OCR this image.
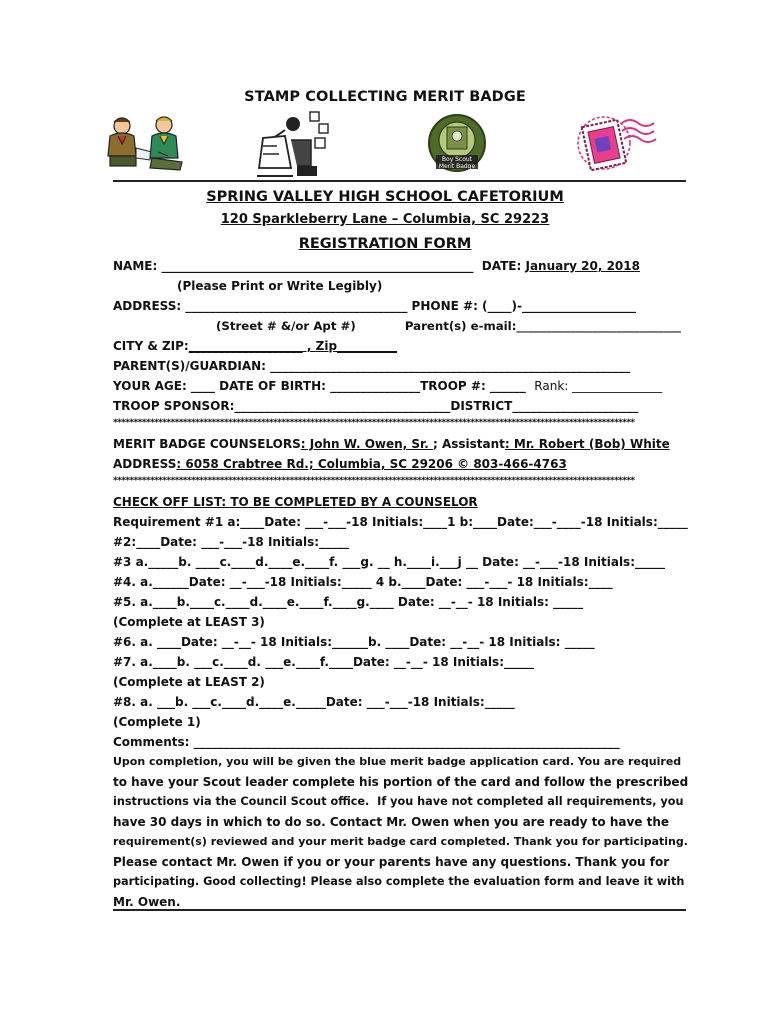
STAMP COLLECTING MERIT BADGE
Boy Scout
Merit Badge
SPRING VALLEY HIGH SCHOOL CAFETORIUM
120 Sparkleberry Lane – Columbia, SC 29223
REGISTRATION FORM
NAME: ____________________________________________________  DATE: January 20, 2018
(Please Print or Write Legibly)
ADDRESS: _____________________________________ PHONE #: (____)-___________________
(Street # &/or Apt #)	Parent(s) e-mail:____________________________
CITY & ZIP:___________________ , Zip__________
PARENT(S)/GUARDIAN: ____________________________________________________________
YOUR AGE: ____ DATE OF BIRTH: _______________TROOP #: ______  Rank: _______________
TROOP SPONSOR:____________________________________DISTRICT_____________________
*******************************************************************************************************************************
MERIT BADGE COUNSELORS: John W. Owen, Sr. ; Assistant: Mr. Robert (Bob) White
ADDRESS: 6058 Crabtree Rd.; Columbia, SC 29206 © 803-466-4763
*******************************************************************************************************************************
CHECK OFF LIST: TO BE COMPLETED BY A COUNSELOR
Requirement #1 a:____Date: ___-___-18 Initials:____1 b:____Date:___-____-18 Initials:_____
#2:____Date: ___-___-18 Initials:_____
#3 a._____b. ____c.____d.____e.____f. ___g. __ h.____i.___j __ Date: __-___-18 Initials:_____
#4. a.______Date: __-___-18 Initials:_____ 4 b.____Date: ___-___- 18 Initials:____
#5. a.____b.____c.____d.____e.____f.____g.____ Date: __-__- 18 Initials: _____
(Complete at LEAST 3)
#6. a. ____Date: __-__- 18 Initials:______b. ____Date: __-__- 18 Initials: _____
#7. a.____b. ___c.____d. ___e.____f.____Date: __-__- 18 Initials:_____
(Complete at LEAST 2)
#8. a. ___b. ___c.____d.____e._____Date: ___-___-18 Initials:_____
(Complete 1)
Comments: _______________________________________________________________________
Upon completion, you will be given the blue merit badge application card. You are required
to have your Scout leader complete his portion of the card and follow the prescribed
instructions via the Council Scout office.  If you have not completed all requirements, you
have 30 days in which to do so. Contact Mr. Owen when you are ready to have the
requirement(s) reviewed and your merit badge card completed. Thank you for participating.
Please contact Mr. Owen if you or your parents have any questions. Thank you for
participating. Good collecting! Please also complete the evaluation form and leave it with
Mr. Owen.
